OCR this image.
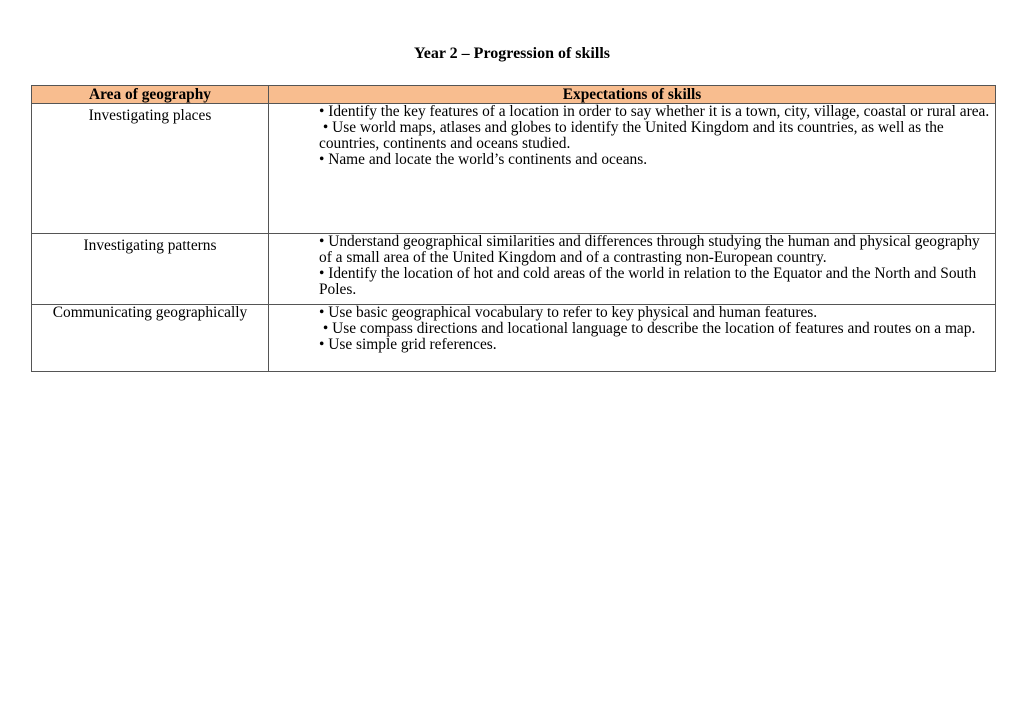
Year 2 – Progression of skills
Area of geography	Expectations of skills
Investigating places	• Identify the key features of a location in order to say whether it is a town, city, village, coastal or rural area.
• Use world maps, atlases and globes to identify the United Kingdom and its countries, as well as the countries, continents and oceans studied.
• Name and locate the world’s continents and oceans.

Investigating patterns	• Understand geographical similarities and differences through studying the human and physical geography of a small area of the United Kingdom and of a contrasting non-European country.
• Identify the location of hot and cold areas of the world in relation to the Equator and the North and South Poles.

Communicating geographically	• Use basic geographical vocabulary to refer to key physical and human features.
• Use compass directions and locational language to describe the location of features and routes on a map.
• Use simple grid references.
